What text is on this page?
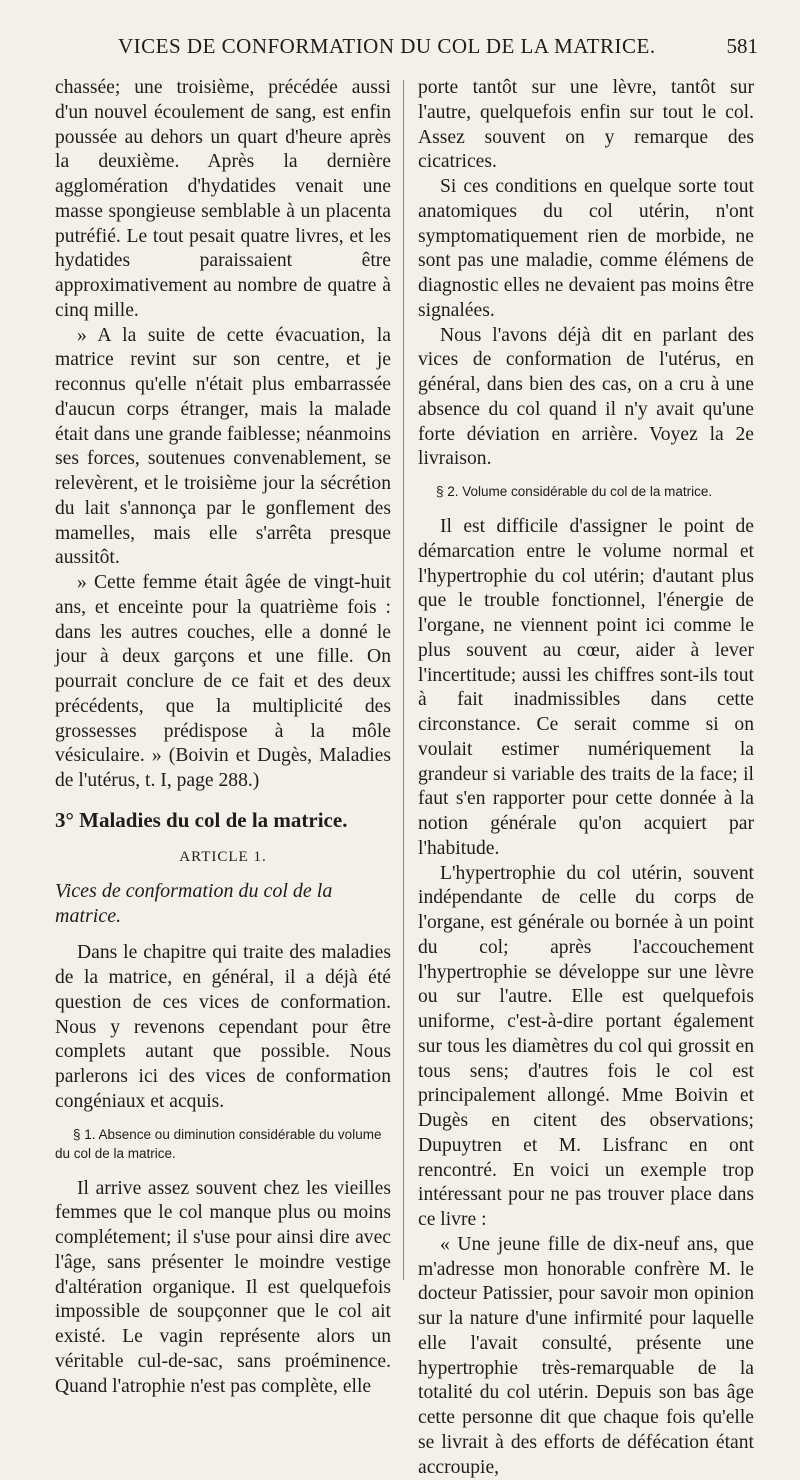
VICES DE CONFORMATION DU COL DE LA MATRICE.	581

chassée; une troisième, précédée aussi d'un nouvel écoulement de sang, est enfin poussée au dehors un quart d'heure après la deuxième. Après la dernière agglomération d'hydatides venait une masse spongieuse semblable à un placenta putréfié. Le tout pesait quatre livres, et les hydatides paraissaient être approximativement au nombre de quatre à cinq mille.

» A la suite de cette évacuation, la matrice revint sur son centre, et je reconnus qu'elle n'était plus embarrassée d'aucun corps étranger, mais la malade était dans une grande faiblesse; néanmoins ses forces, soutenues convenablement, se relevèrent, et le troisième jour la sécrétion du lait s'annonça par le gonflement des mamelles, mais elle s'arrêta presque aussitôt.

» Cette femme était âgée de vingt-huit ans, et enceinte pour la quatrième fois : dans les autres couches, elle a donné le jour à deux garçons et une fille. On pourrait conclure de ce fait et des deux précédents, que la multiplicité des grossesses prédispose à la môle vésiculaire. » (Boivin et Dugès, Maladies de l'utérus, t. I, page 288.)

3° Maladies du col de la matrice.
ARTICLE 1.
Vices de conformation du col de la matrice.

Dans le chapitre qui traite des maladies de la matrice, en général, il a déjà été question de ces vices de conformation. Nous y revenons cependant pour être complets autant que possible. Nous parlerons ici des vices de conformation congéniaux et acquis.

§ 1. Absence ou diminution considérable du volume du col de la matrice.

Il arrive assez souvent chez les vieilles femmes que le col manque plus ou moins complétement; il s'use pour ainsi dire avec l'âge, sans présenter le moindre vestige d'altération organique. Il est quelquefois impossible de soupçonner que le col ait existé. Le vagin représente alors un véritable cul-de-sac, sans proéminence. Quand l'atrophie n'est pas complète, elle

porte tantôt sur une lèvre, tantôt sur l'autre, quelquefois enfin sur tout le col. Assez souvent on y remarque des cicatrices.

Si ces conditions en quelque sorte tout anatomiques du col utérin, n'ont symptomatiquement rien de morbide, ne sont pas une maladie, comme élémens de diagnostic elles ne devaient pas moins être signalées.

Nous l'avons déjà dit en parlant des vices de conformation de l'utérus, en général, dans bien des cas, on a cru à une absence du col quand il n'y avait qu'une forte déviation en arrière. Voyez la 2e livraison.

§ 2. Volume considérable du col de la matrice.

Il est difficile d'assigner le point de démarcation entre le volume normal et l'hypertrophie du col utérin; d'autant plus que le trouble fonctionnel, l'énergie de l'organe, ne viennent point ici comme le plus souvent au cœur, aider à lever l'incertitude; aussi les chiffres sont-ils tout à fait inadmissibles dans cette circonstance. Ce serait comme si on voulait estimer numériquement la grandeur si variable des traits de la face; il faut s'en rapporter pour cette donnée à la notion générale qu'on acquiert par l'habitude.

L'hypertrophie du col utérin, souvent indépendante de celle du corps de l'organe, est générale ou bornée à un point du col; après l'accouchement l'hypertrophie se développe sur une lèvre ou sur l'autre. Elle est quelquefois uniforme, c'est-à-dire portant également sur tous les diamètres du col qui grossit en tous sens; d'autres fois le col est principalement allongé. Mme Boivin et Dugès en citent des observations; Dupuytren et M. Lisfranc en ont rencontré. En voici un exemple trop intéressant pour ne pas trouver place dans ce livre :

« Une jeune fille de dix-neuf ans, que m'adresse mon honorable confrère M. le docteur Patissier, pour savoir mon opinion sur la nature d'une infirmité pour laquelle elle l'avait consulté, présente une hypertrophie très-remarquable de la totalité du col utérin. Depuis son bas âge cette personne dit que chaque fois qu'elle se livrait à des efforts de défécation étant accroupie,
